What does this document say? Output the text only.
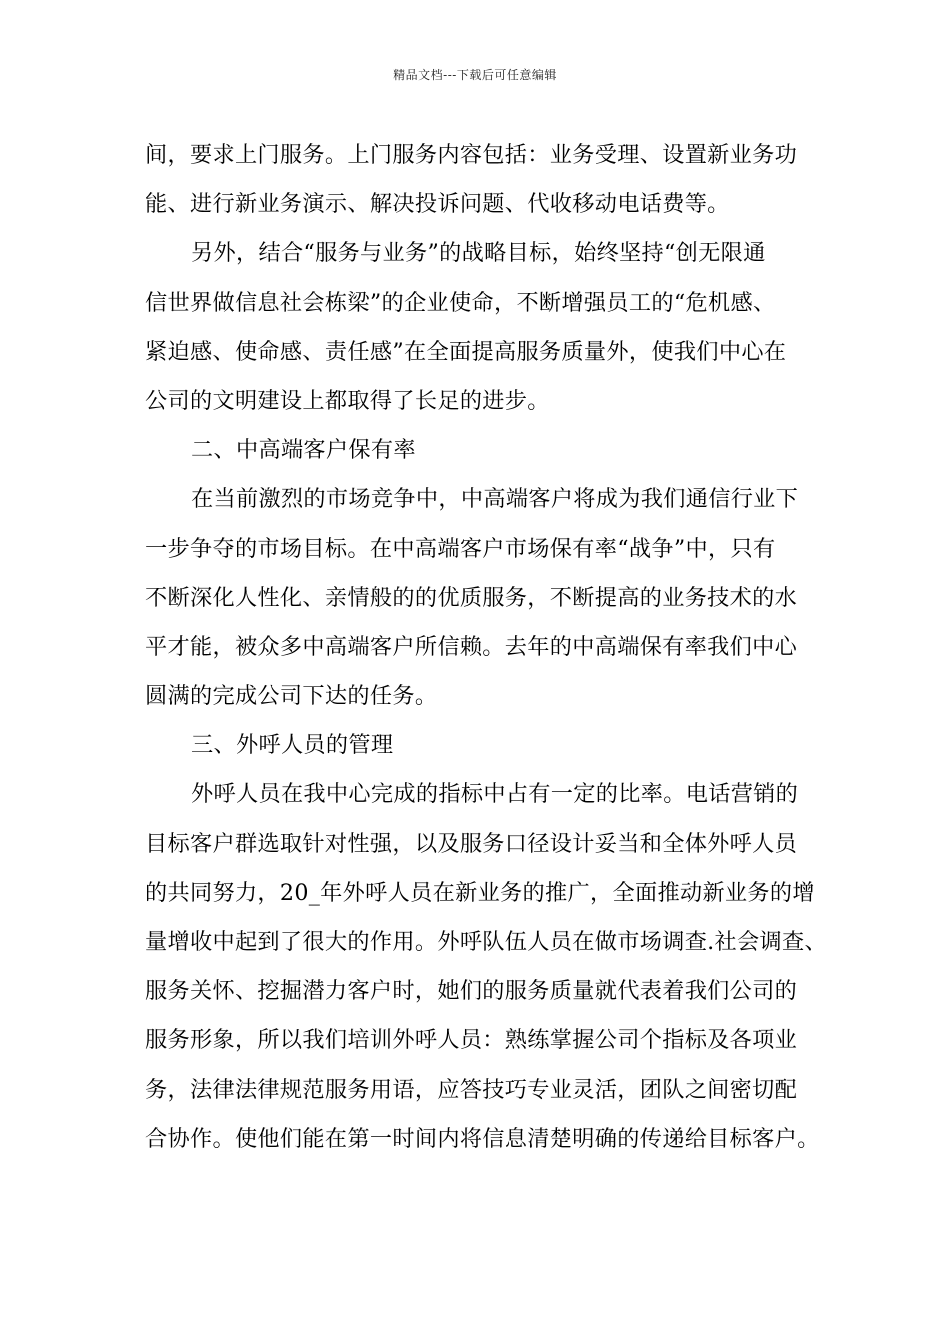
精品文档---下载后可任意编辑
间，要求上门服务。上门服务内容包括：业务受理、设置新业务功
能、进行新业务演示、解决投诉问题、代收移动电话费等。
另外，结合“服务与业务”的战略目标，始终坚持“创无限通
信世界做信息社会栋梁”的企业使命，不断增强员工的“危机感、
紧迫感、使命感、责任感”在全面提高服务质量外，使我们中心在
公司的文明建设上都取得了长足的进步。
二、中高端客户保有率
在当前激烈的市场竞争中，中高端客户将成为我们通信行业下
一步争夺的市场目标。在中高端客户市场保有率“战争”中，只有
不断深化人性化、亲情般的的优质服务，不断提高的业务技术的水
平才能，被众多中高端客户所信赖。去年的中高端保有率我们中心
圆满的完成公司下达的任务。
三、外呼人员的管理
外呼人员在我中心完成的指标中占有一定的比率。电话营销的
目标客户群选取针对性强，以及服务口径设计妥当和全体外呼人员
的共同努力，20_年外呼人员在新业务的推广，全面推动新业务的增
量增收中起到了很大的作用。外呼队伍人员在做市场调查.社会调查、
服务关怀、挖掘潜力客户时，她们的服务质量就代表着我们公司的
服务形象，所以我们培训外呼人员：熟练掌握公司个指标及各项业
务，法律法律规范服务用语，应答技巧专业灵活，团队之间密切配
合协作。使他们能在第一时间内将信息清楚明确的传递给目标客户。
